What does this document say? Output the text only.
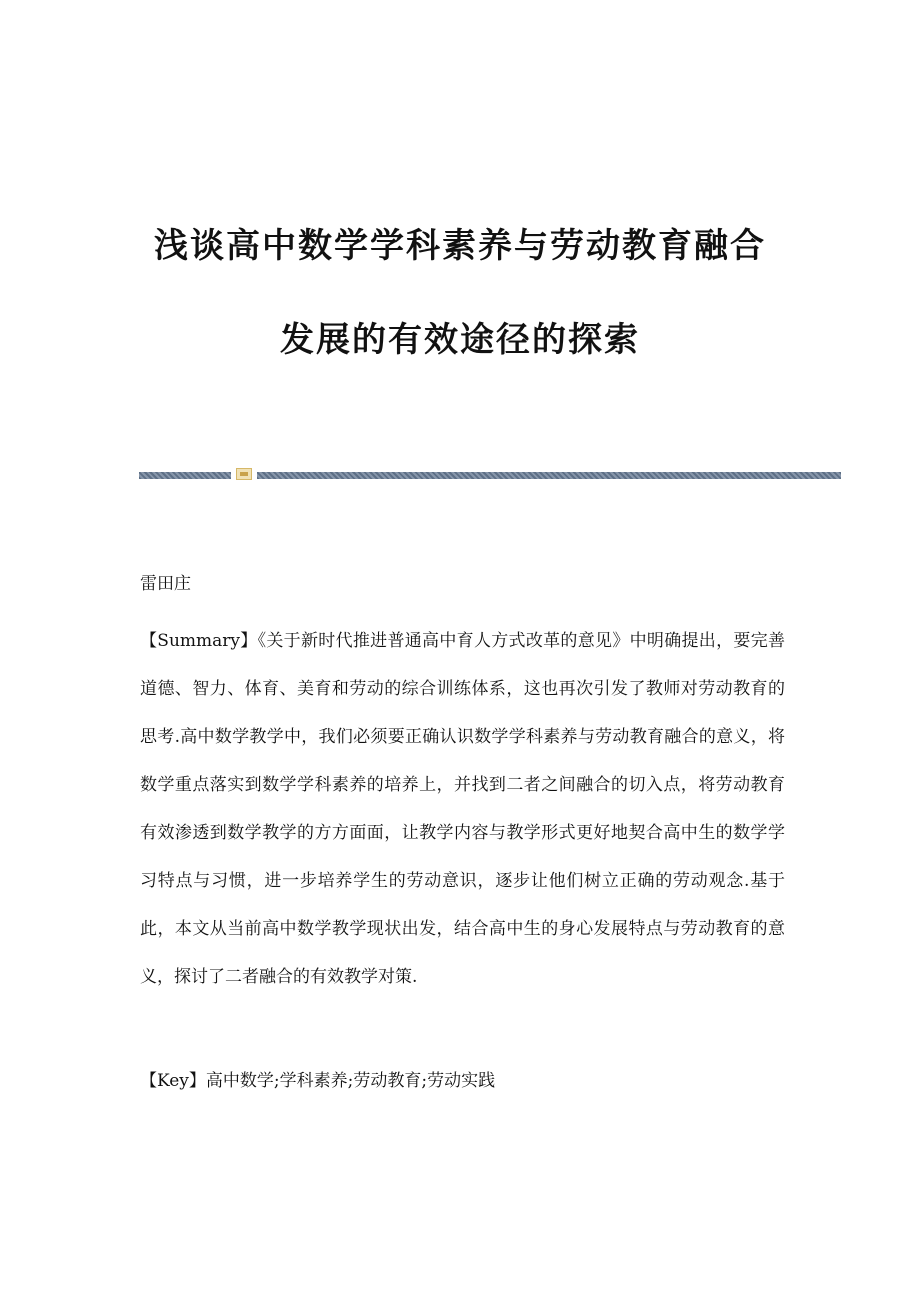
浅谈高中数学学科素养与劳动教育融合
发展的有效途径的探索
雷田庄

【Summary】《关于新时代推进普通高中育人方式改革的意见》中明确提出，要完善道德、智力、体育、美育和劳动的综合训练体系，这也再次引发了教师对劳动教育的思考.高中数学教学中，我们必须要正确认识数学学科素养与劳动教育融合的意义，将数学重点落实到数学学科素养的培养上，并找到二者之间融合的切入点，将劳动教育有效渗透到数学教学的方方面面，让教学内容与教学形式更好地契合高中生的数学学习特点与习惯，进一步培养学生的劳动意识，逐步让他们树立正确的劳动观念.基于此，本文从当前高中数学教学现状出发，结合高中生的身心发展特点与劳动教育的意义，探讨了二者融合的有效教学对策.

【Key】高中数学;学科素养;劳动教育;劳动实践
